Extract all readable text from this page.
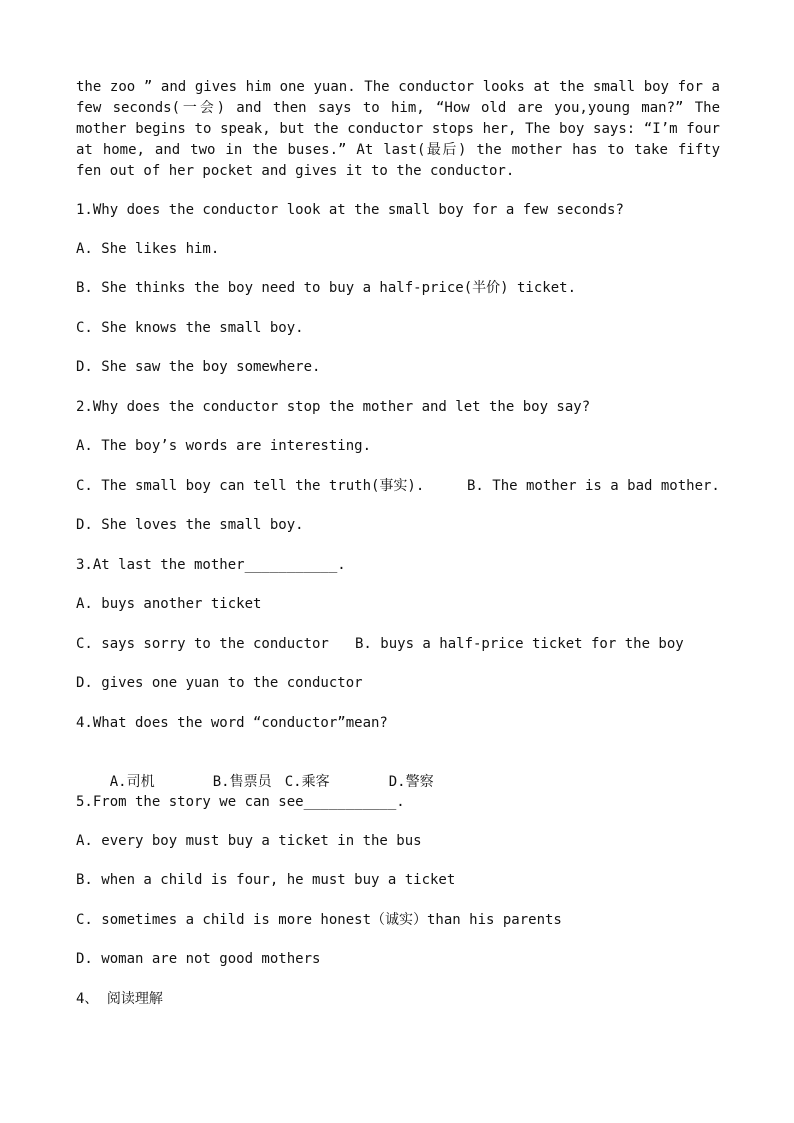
the zoo ” and gives him one yuan. The conductor looks at the small boy for a few seconds(一会) and then says to him, “How old are you,young man?” The mother begins to speak, but the conductor stops her, The boy says: “I’m four at home, and two in the buses.” At last(最后) the mother has to take fifty fen out of her pocket and gives it to the conductor.

1.Why does the conductor look at the small boy for a few seconds?
A. She likes him.
B. She thinks the boy need to buy a half-price(半价) ticket.
C. She knows the small boy.
D. She saw the boy somewhere.
2.Why does the conductor stop the mother and let the boy say?
A. The boy’s words are interesting.
C. The small boy can tell the truth(事实).	B. The mother is a bad mother.
D. She loves the small boy.
3.At last the mother___________.
A. buys another ticket
C. says sorry to the conductor B. buys a half-price ticket for the boy
D. gives one yuan to the conductor
4.What does the word “conductor”mean?

A.司机	B.售票员 C.乘客	D.警察

5.From the story we can see___________.
A. every boy must buy a ticket in the bus
B. when a child is four, he must buy a ticket
C. sometimes a child is more honest（诚实）than his parents
D. woman are not good mothers
4、 阅读理解
